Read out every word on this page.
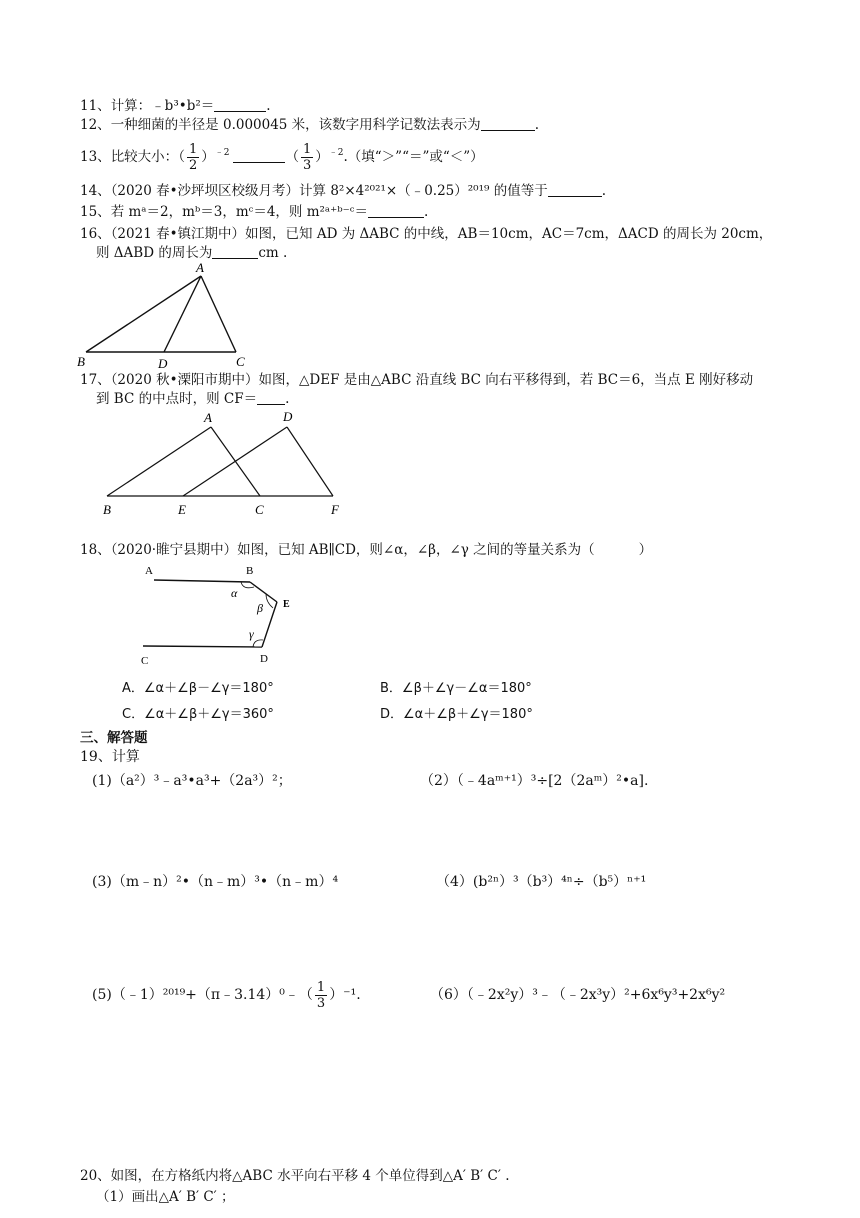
11、计算：﹣b³•b²＝	.
12、一种细菌的半径是 0.000045 米，该数字用科学记数法表示为	.
13、比较大小：（ $\frac{1}{2} )^{﹣2}$	（ $\frac{1}{3} )^{﹣2}$.（填“＞”“＝”或“＜”）
14、（2020 春•沙坪坝区校级月考）计算 8²×4²⁰²¹×（﹣0.25）²⁰¹⁹ 的值等于	.
15、若 mᵃ＝2，mᵇ＝3，mᶜ＝4，则 m²ᵃ⁺ᵇ⁻ᶜ＝	.
16、（2021 春•镇江期中）如图，已知 AD 为 ΔABC 的中线，AB＝10cm，AC＝7cm，ΔACD 的周长为 20cm，
则 ΔABD 的周长为	cm .
A
B	D	C
17、（2020 秋•溧阳市期中）如图，△DEF 是由△ABC 沿直线 BC 向右平移得到，若 BC＝6，当点 E 刚好移动
到 BC 的中点时，则 CF＝ .
A	D
B	E	C	F
18、（2020·睢宁县期中）如图，已知 AB∥CD，则∠α，∠β，∠γ 之间的等量关系为（	）
A	B
E
C	D
α
β
γ
A．∠α＋∠β－∠γ＝180°	B．∠β＋∠γ－∠α＝180°
C．∠α＋∠β＋∠γ＝360°	D．∠α＋∠β＋∠γ＝180°
三、解答题
19、计算
(1)（a²）³﹣a³•a³+（2a³）²；	（2）（﹣4aᵐ⁺¹）³÷[2（2aᵐ）²•a].
(3)（m﹣n）²•（n﹣m）³•（n﹣m）⁴	（4）(b²ⁿ）³（b³）⁴ⁿ÷（b⁵）ⁿ⁺¹
(5)（﹣1）²⁰¹⁹+（π﹣3.14）⁰﹣（ $\frac{1}{3} )^{-1}$.	（6）（﹣2x²y）³﹣（﹣2x³y）²+6x⁶y³+2x⁶y²
20、如图，在方格纸内将△ABC 水平向右平移 4 个单位得到△A′ B′ C′ .
（1）画出△A′ B′ C′ ；
